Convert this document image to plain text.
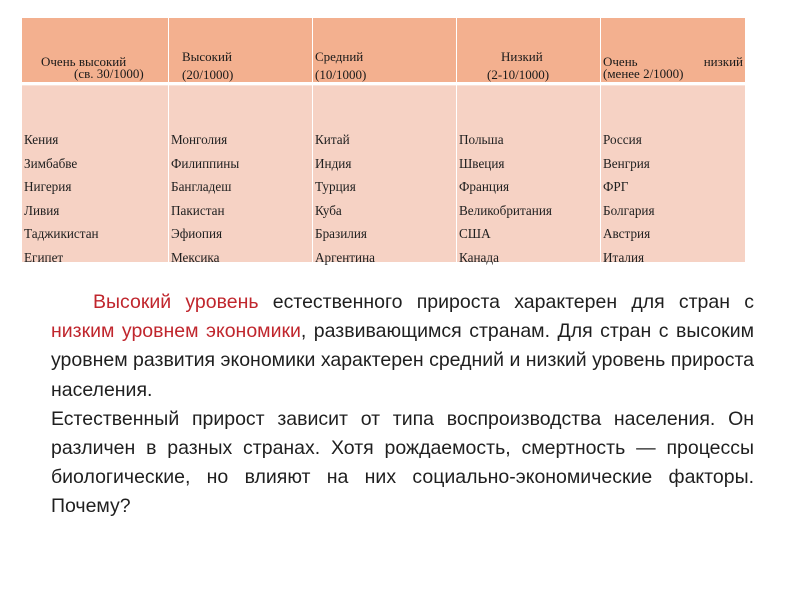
Очень высокий
(св. 30/1000)
Кения
Зимбабве
Нигерия
Ливия
Таджикистан
Египет
Высокий
(20/1000)
Монголия
Филиппины
Бангладеш
Пакистан
Эфиопия
Мексика
Средний
(10/1000)
Китай
Индия
Турция
Куба
Бразилия
Аргентина
Низкий
(2-10/1000)
Польша
Швеция
Франция
Великобритания
США
Канада
Очень низкий
(менее 2/1000)
Россия
Венгрия
ФРГ
Болгария
Австрия
Италия

Высокий уровень естественного прироста характерен для стран с низким уровнем экономики, развивающимся странам. Для стран с высоким уровнем развития экономики характерен средний и низкий уровень прироста населения.

Естественный прирост зависит от типа воспроизводства населения. Он различен в разных странах. Хотя рождаемость, смертность — процессы биологические, но влияют на них социально-экономические факторы. Почему?
